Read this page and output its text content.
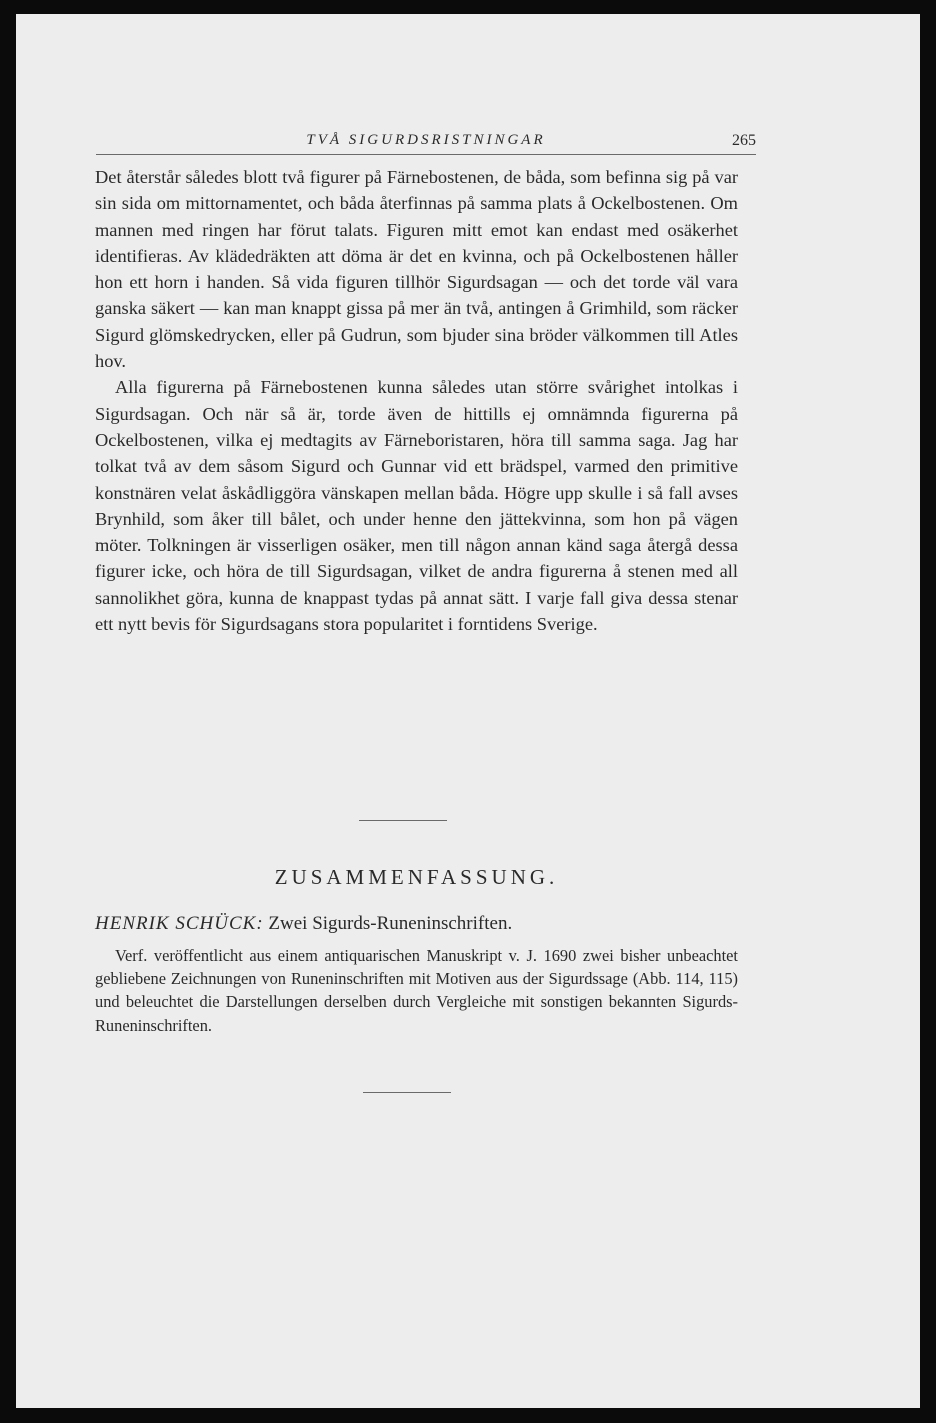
TVÅ SIGURDSRISTNINGAR	265

Det återstår således blott två figurer på Färnebostenen, de båda, som befinna sig på var sin sida om mittornamentet, och båda återfinnas på samma plats å Ockelbostenen. Om mannen med ringen har förut talats. Figuren mitt emot kan endast med osäkerhet identifieras. Av klädedräkten att döma är det en kvinna, och på Ockelbostenen håller hon ett horn i handen. Så vida figuren tillhör Sigurdsagan — och det torde väl vara ganska säkert — kan man knappt gissa på mer än två, antingen å Grimhild, som räcker Sigurd glömskedrycken, eller på Gudrun, som bjuder sina bröder välkommen till Atles hov.

Alla figurerna på Färnebostenen kunna således utan större svårighet intolkas i Sigurdsagan. Och när så är, torde även de hittills ej omnämnda figurerna på Ockelbostenen, vilka ej medtagits av Färneboristaren, höra till samma saga. Jag har tolkat två av dem såsom Sigurd och Gunnar vid ett brädspel, varmed den primitive konstnären velat åskådliggöra vänskapen mellan båda. Högre upp skulle i så fall avses Brynhild, som åker till bålet, och under henne den jättekvinna, som hon på vägen möter. Tolkningen är visserligen osäker, men till någon annan känd saga återgå dessa figurer icke, och höra de till Sigurdsagan, vilket de andra figurerna å stenen med all sannolikhet göra, kunna de knappast tydas på annat sätt. I varje fall giva dessa stenar ett nytt bevis för Sigurdsagans stora popularitet i forntidens Sverige.

ZUSAMMENFASSUNG.
HENRIK SCHÜCK: Zwei Sigurds-Runeninschriften.

Verf. veröffentlicht aus einem antiquarischen Manuskript v. J. 1690 zwei bisher unbeachtet gebliebene Zeichnungen von Runeninschriften mit Motiven aus der Sigurdssage (Abb. 114, 115) und beleuchtet die Darstellungen derselben durch Vergleiche mit sonstigen bekannten Sigurds-Runeninschriften.
